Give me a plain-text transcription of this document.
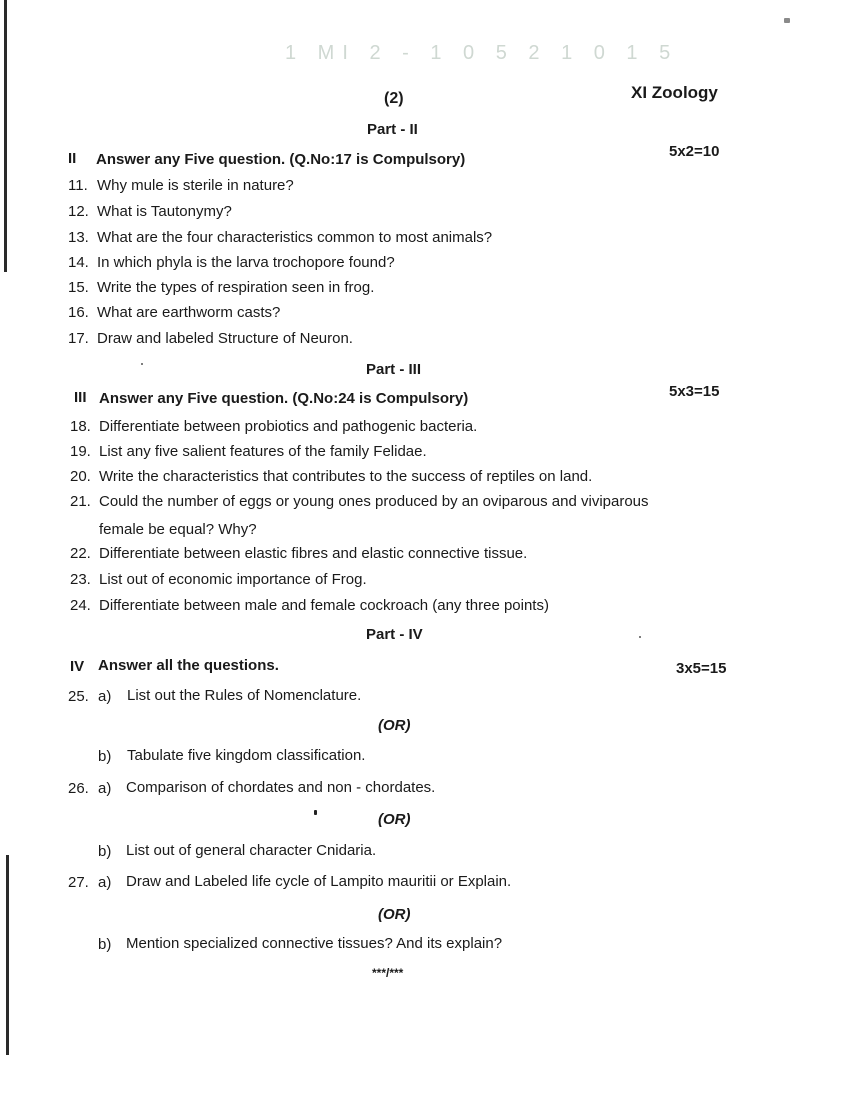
1 MI 2 - 1 0 5 2 1 0 1 5
(2)	XI Zoology
Part - II
II Answer any Five question. (Q.No:17 is Compulsory)	5x2=10
11. Why mule is sterile in nature?
12. What is Tautonymy?
13. What are the four characteristics common to most animals?
14. In which phyla is the larva trochopore found?
15. Write the types of respiration seen in frog.
16. What are earthworm casts?
17. Draw and labeled Structure of Neuron.
Part - III
III Answer any Five question. (Q.No:24 is Compulsory)	5x3=15
18. Differentiate between probiotics and pathogenic bacteria.
19. List any five salient features of the family Felidae.
20. Write the characteristics that contributes to the success of reptiles on land.
21. Could the number of eggs or young ones produced by an oviparous and viviparous
female be equal? Why?
22. Differentiate between elastic fibres and elastic connective tissue.
23. List out of economic importance of Frog.
24. Differentiate between male and female cockroach (any three points)
Part - IV
IV Answer all the questions.	3x5=15
25. a) List out the Rules of Nomenclature.
(OR)
b) Tabulate five kingdom classification.
26. a) Comparison of chordates and non - chordates.
(OR)
b) List out of general character Cnidaria.
27. a) Draw and Labeled life cycle of Lampito mauritii or Explain.
(OR)
b) Mention specialized connective tissues? And its explain?
***/***
